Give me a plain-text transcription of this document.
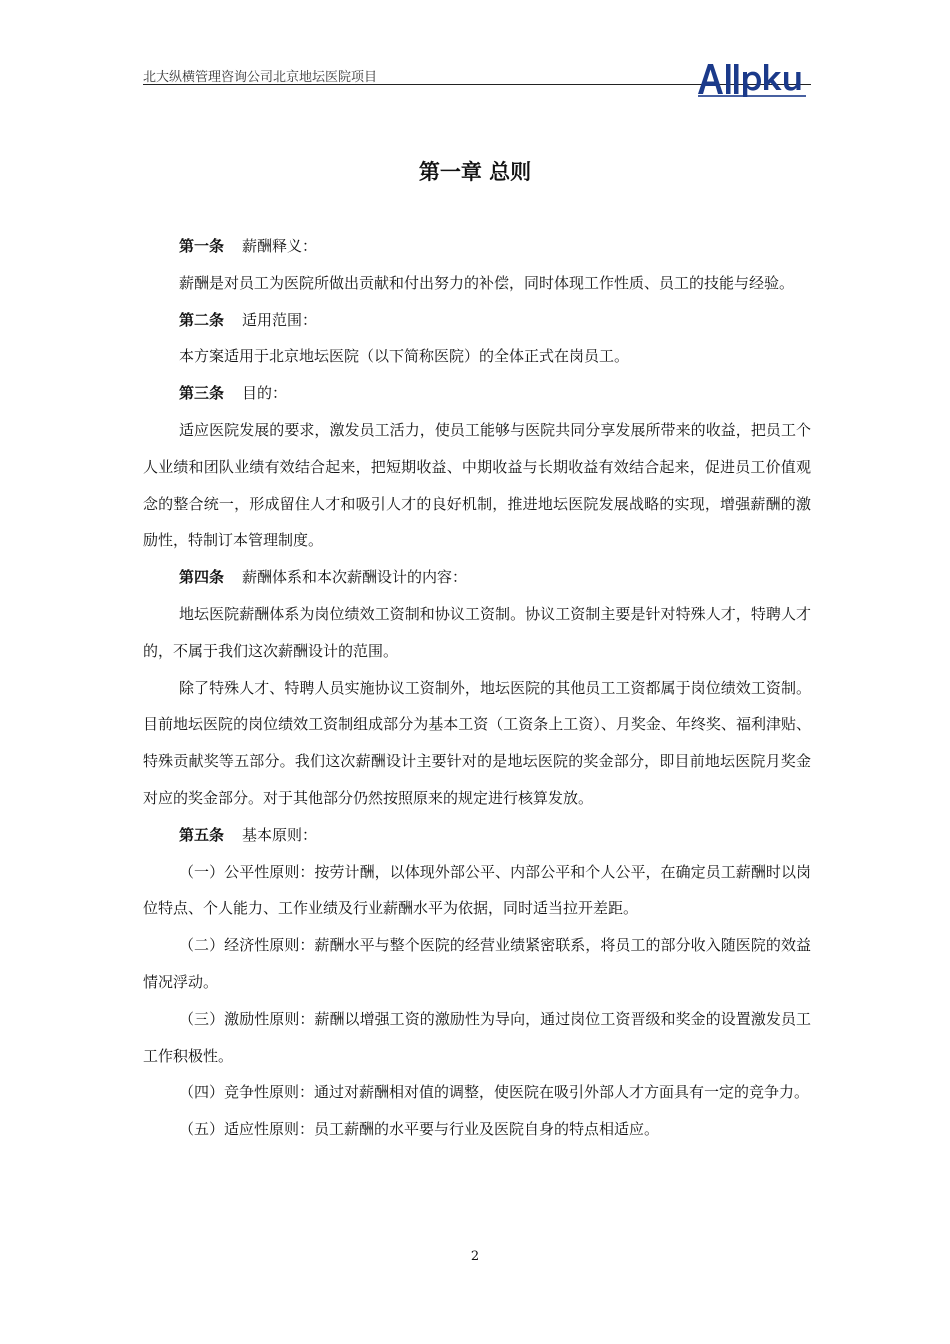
北大纵横管理咨询公司北京地坛医院项目
第一章 总则

第一条 薪酬释义：

薪酬是对员工为医院所做出贡献和付出努力的补偿，同时体现工作性质、员工的技能与经验。

第二条 适用范围：

本方案适用于北京地坛医院（以下简称医院）的全体正式在岗员工。

第三条 目的：

适应医院发展的要求，激发员工活力，使员工能够与医院共同分享发展所带来的收益，把员工个人业绩和团队业绩有效结合起来，把短期收益、中期收益与长期收益有效结合起来，促进员工价值观念的整合统一，形成留住人才和吸引人才的良好机制，推进地坛医院发展战略的实现，增强薪酬的激励性，特制订本管理制度。

第四条 薪酬体系和本次薪酬设计的内容：

地坛医院薪酬体系为岗位绩效工资制和协议工资制。协议工资制主要是针对特殊人才，特聘人才的，不属于我们这次薪酬设计的范围。

除了特殊人才、特聘人员实施协议工资制外，地坛医院的其他员工工资都属于岗位绩效工资制。目前地坛医院的岗位绩效工资制组成部分为基本工资（工资条上工资）、月奖金、年终奖、福利津贴、特殊贡献奖等五部分。我们这次薪酬设计主要针对的是地坛医院的奖金部分，即目前地坛医院月奖金对应的奖金部分。对于其他部分仍然按照原来的规定进行核算发放。

第五条 基本原则：

（一）公平性原则：按劳计酬，以体现外部公平、内部公平和个人公平，在确定员工薪酬时以岗位特点、个人能力、工作业绩及行业薪酬水平为依据，同时适当拉开差距。

（二）经济性原则：薪酬水平与整个医院的经营业绩紧密联系，将员工的部分收入随医院的效益情况浮动。

（三）激励性原则：薪酬以增强工资的激励性为导向，通过岗位工资晋级和奖金的设置激发员工工作积极性。

（四）竞争性原则：通过对薪酬相对值的调整，使医院在吸引外部人才方面具有一定的竞争力。

（五）适应性原则：员工薪酬的水平要与行业及医院自身的特点相适应。

2
